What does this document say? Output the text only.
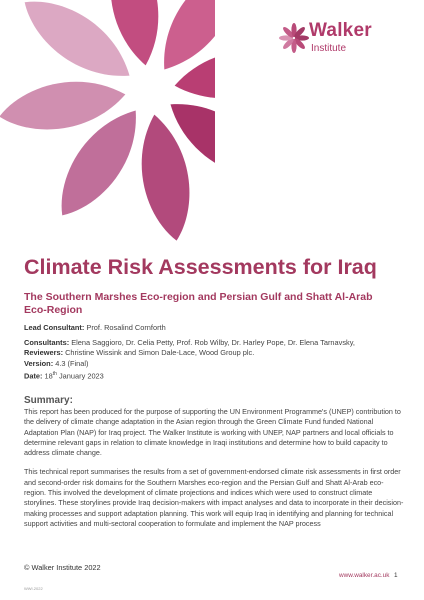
Walker
Institute
Climate Risk Assessments for Iraq
The Southern Marshes Eco-region and Persian Gulf and Shatt Al-Arab Eco-Region
Lead Consultant: Prof. Rosalind Cornforth
Consultants: Elena Saggioro, Dr. Celia Petty, Prof. Rob Wilby, Dr. Harley Pope, Dr. Elena Tarnavsky,
Reviewers: Christine Wissink and Simon Dale-Lace, Wood Group plc.
Version: 4.3 (Final)
Date: 18th January 2023
Summary:

This report has been produced for the purpose of supporting the UN Environment Programme's (UNEP) contribution to the delivery of climate change adaptation in the Asian region through the Green Climate Fund funded National Adaptation Plan (NAP) for Iraq project. The Walker Institute is working with UNEP, NAP partners and local officials to determine relevant gaps in relation to climate knowledge in Iraqi institutions and determine how to build capacity to address climate change.

This technical report summarises the results from a set of government-endorsed climate risk assessments in first order and second-order risk domains for the Southern Marshes eco-region and the Persian Gulf and Shatt Al-Arab eco-region. This involved the development of climate projections and indices which were used to construct climate storylines. These storylines provide Iraq decision-makers with impact analyses and data to incorporate in their decision-making processes and support adaptation planning. This work will equip Iraq in identifying and planning for technical support activities and multi-sectoral cooperation to formulate and implement the NAP process

© Walker Institute 2022
WWI.2022
www.walker.ac.uk 1
